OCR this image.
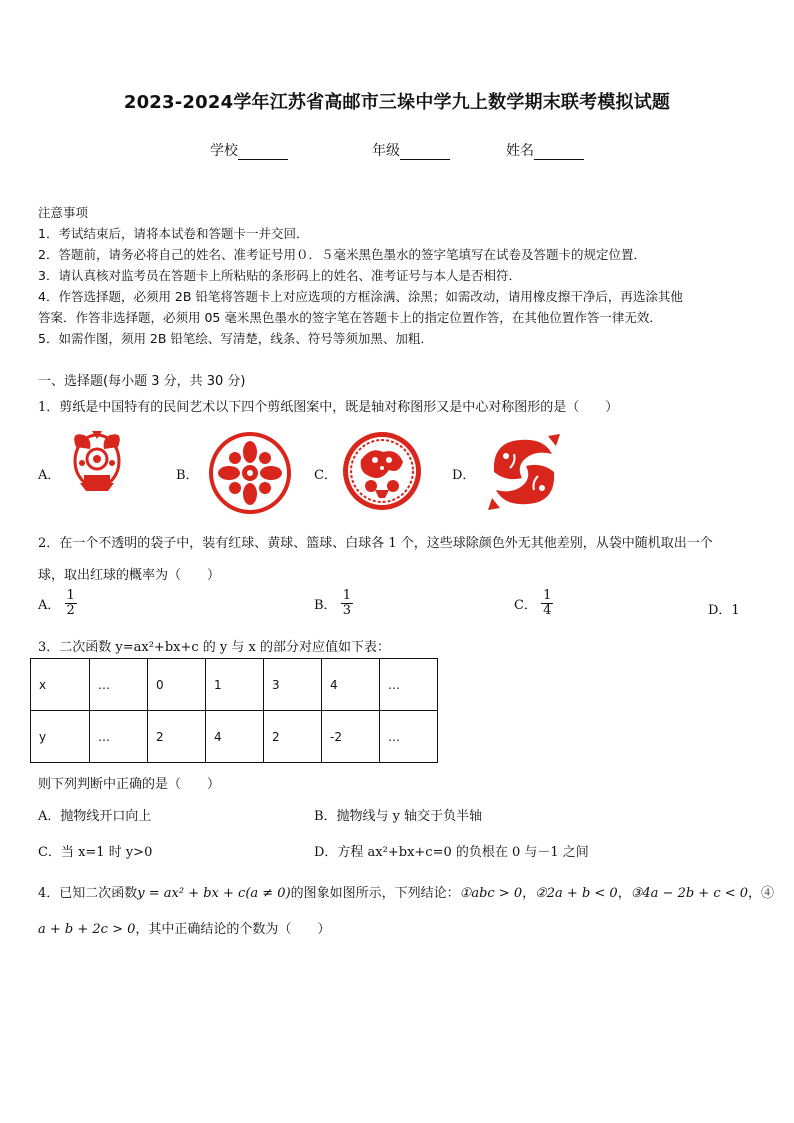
2023-2024学年江苏省高邮市三垛中学九上数学期末联考模拟试题
学校	年级	姓名
注意事项
1．考试结束后，请将本试卷和答题卡一并交回．
2．答题前，请务必将自己的姓名、准考证号用０．５毫米黑色墨水的签字笔填写在试卷及答题卡的规定位置．
3．请认真核对监考员在答题卡上所粘贴的条形码上的姓名、准考证号与本人是否相符．
4．作答选择题，必须用 2B 铅笔将答题卡上对应选项的方框涂满、涂黑；如需改动，请用橡皮擦干净后，再选涂其他
答案．作答非选择题，必须用 05 毫米黑色墨水的签字笔在答题卡上的指定位置作答，在其他位置作答一律无效．
5．如需作图，须用 2B 铅笔绘、写清楚，线条、符号等须加黑、加粗．
一、选择题(每小题 3 分，共 30 分)
1．剪纸是中国特有的民间艺术以下四个剪纸图案中，既是轴对称图形又是中心对称图形的是（　　）
A．	B．	C．	D．
2．在一个不透明的袋子中，装有红球、黄球、篮球、白球各 1 个，这些球除颜色外无其他差别，从袋中随机取出一个
球，取出红球的概率为（　　）
A． $\frac{1}{2}$	B． $\frac{1}{3}$	C． $\frac{1}{4}$	D．1
3．二次函数 y=ax²+bx+c 的 y 与 x 的部分对应值如下表：
x	…	0	1	3	4	…
y	…	2	4	2	-2	…
则下列判断中正确的是（　　）
A．抛物线开口向上	B．抛物线与 y 轴交于负半轴
C．当 x=1 时 y>0	D．方程 ax²+bx+c=0 的负根在 0 与－1 之间
4．已知二次函数y = ax² + bx + c(a ≠ 0)的图象如图所示，下列结论：①abc > 0，②2a + b < 0，③4a − 2b + c < 0，④
a + b + 2c > 0，其中正确结论的个数为（　　）
